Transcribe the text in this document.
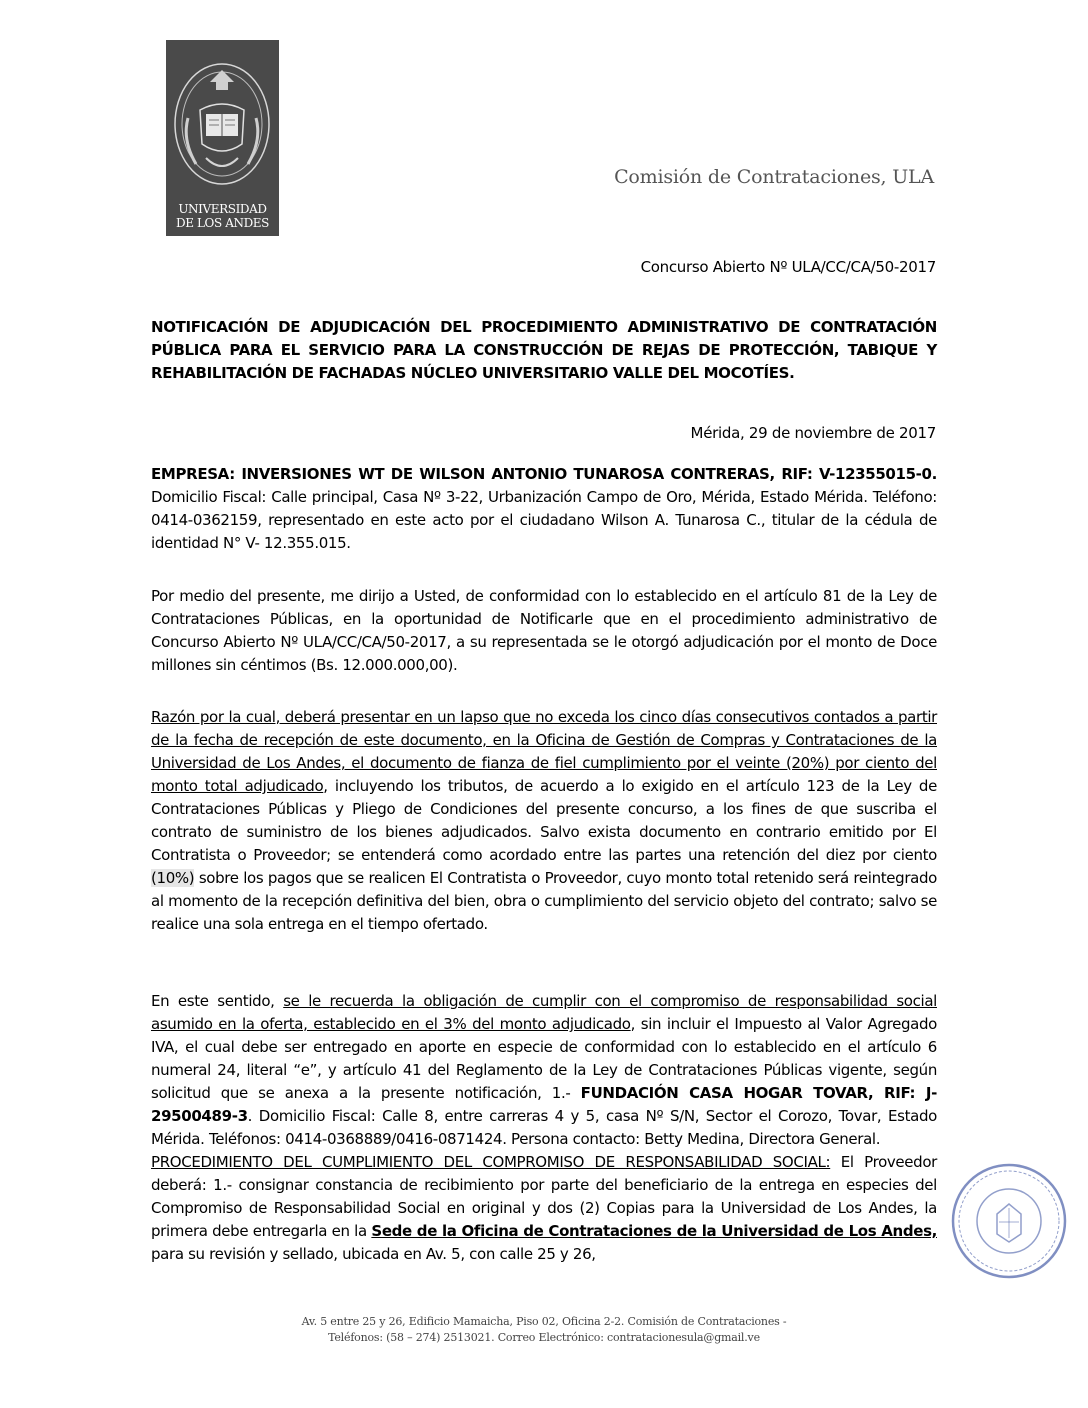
UNIVERSIDAD
DE LOS ANDES
Comisión de Contrataciones, ULA
Concurso Abierto Nº ULA/CC/CA/50-2017
NOTIFICACIÓN DE ADJUDICACIÓN DEL PROCEDIMIENTO ADMINISTRATIVO DE CONTRATACIÓN PÚBLICA PARA EL SERVICIO PARA LA CONSTRUCCIÓN DE REJAS DE PROTECCIÓN, TABIQUE Y REHABILITACIÓN DE FACHADAS NÚCLEO UNIVERSITARIO VALLE DEL MOCOTÍES.
Mérida, 29 de noviembre de 2017
EMPRESA: INVERSIONES WT DE WILSON ANTONIO TUNAROSA CONTRERAS, RIF: V-12355015-0. Domicilio Fiscal: Calle principal, Casa Nº 3-22, Urbanización Campo de Oro, Mérida, Estado Mérida. Teléfono: 0414-0362159, representado en este acto por el ciudadano Wilson A. Tunarosa C., titular de la cédula de identidad N° V- 12.355.015.
Por medio del presente, me dirijo a Usted, de conformidad con lo establecido en el artículo 81 de la Ley de Contrataciones Públicas, en la oportunidad de Notificarle que en el procedimiento administrativo de Concurso Abierto Nº ULA/CC/CA/50-2017, a su representada se le otorgó adjudicación por el monto de Doce millones sin céntimos (Bs. 12.000.000,00).
Razón por la cual, deberá presentar en un lapso que no exceda los cinco días consecutivos contados a partir de la fecha de recepción de este documento, en la Oficina de Gestión de Compras y Contrataciones de la Universidad de Los Andes, el documento de fianza de fiel cumplimiento por el veinte (20%) por ciento del monto total adjudicado, incluyendo los tributos, de acuerdo a lo exigido en el artículo 123 de la Ley de Contrataciones Públicas y Pliego de Condiciones del presente concurso, a los fines de que suscriba el contrato de suministro de los bienes adjudicados. Salvo exista documento en contrario emitido por El Contratista o Proveedor; se entenderá como acordado entre las partes una retención del diez por ciento (10%) sobre los pagos que se realicen El Contratista o Proveedor, cuyo monto total retenido será reintegrado al momento de la recepción definitiva del bien, obra o cumplimiento del servicio objeto del contrato; salvo se realice una sola entrega en el tiempo ofertado.
En este sentido, se le recuerda la obligación de cumplir con el compromiso de responsabilidad social asumido en la oferta, establecido en el 3% del monto adjudicado, sin incluir el Impuesto al Valor Agregado IVA, el cual debe ser entregado en aporte en especie de conformidad con lo establecido en el artículo 6 numeral 24, literal “e”, y artículo 41 del Reglamento de la Ley de Contrataciones Públicas vigente, según solicitud que se anexa a la presente notificación, 1.- FUNDACIÓN CASA HOGAR TOVAR, RIF: J-29500489-3. Domicilio Fiscal: Calle 8, entre carreras 4 y 5, casa Nº S/N, Sector el Corozo, Tovar, Estado Mérida. Teléfonos: 0414-0368889/0416-0871424. Persona contacto: Betty Medina, Directora General.
PROCEDIMIENTO DEL CUMPLIMIENTO DEL COMPROMISO DE RESPONSABILIDAD SOCIAL: El Proveedor deberá: 1.- consignar constancia de recibimiento por parte del beneficiario de la entrega en especies del Compromiso de Responsabilidad Social en original y dos (2) Copias para la Universidad de Los Andes, la primera debe entregarla en la Sede de la Oficina de Contrataciones de la Universidad de Los Andes, para su revisión y sellado, ubicada en Av. 5, con calle 25 y 26,
Av. 5 entre 25 y 26, Edificio Mamaicha, Piso 02, Oficina 2-2. Comisión de Contrataciones -
Teléfonos: (58 – 274) 2513021. Correo Electrónico: contratacionesula@gmail.ve
